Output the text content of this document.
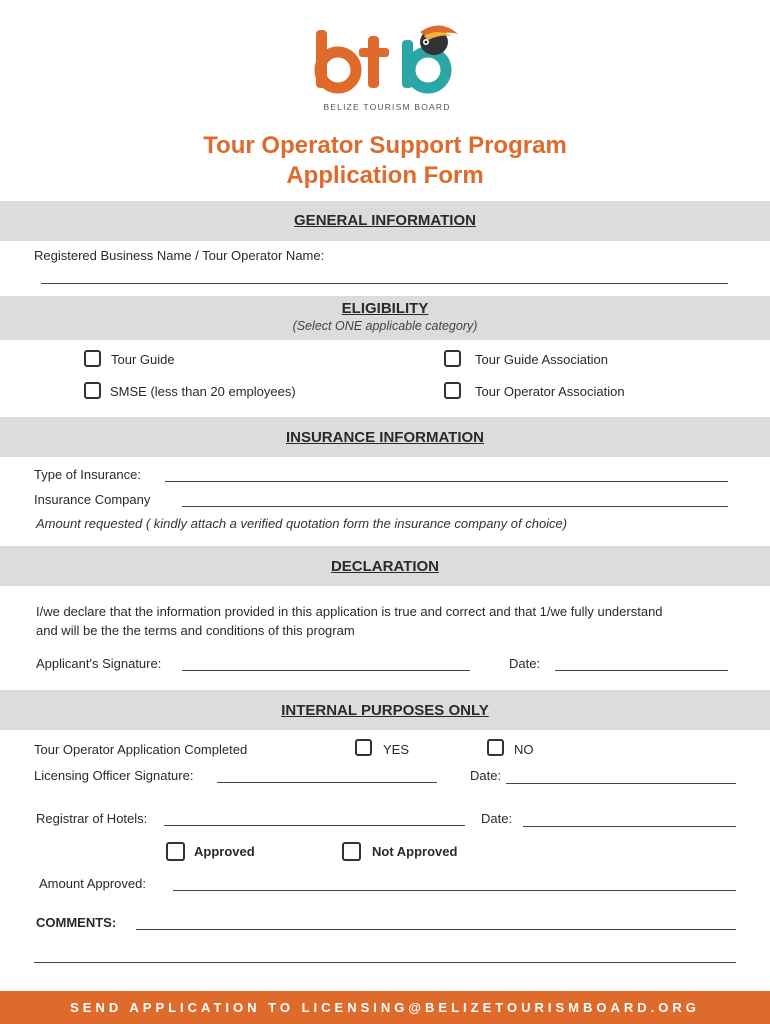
BELIZE TOURISM BOARD
Tour Operator Support Program
Application Form
GENERAL INFORMATION
Registered Business Name / Tour Operator Name:
ELIGIBILITY
(Select ONE applicable category)
Tour Guide	Tour Guide Association
SMSE (less than 20 employees)	Tour Operator Association
INSURANCE INFORMATION
Type of Insurance:
Insurance Company
Amount requested ( kindly attach a verified quotation form the insurance company of choice)
DECLARATION
I/we declare that the information provided in this application is true and correct and that 1/we fully understand and will be the the terms and conditions of this program
Applicant's Signature:	Date:
INTERNAL PURPOSES ONLY
Tour Operator Application Completed	YES	NO
Licensing Officer Signature:	Date:
Registrar of Hotels:	Date:
Approved	Not Approved
Amount Approved:
COMMENTS:
SEND APPLICATION TO LICENSING@BELIZETOURISMBOARD.ORG
